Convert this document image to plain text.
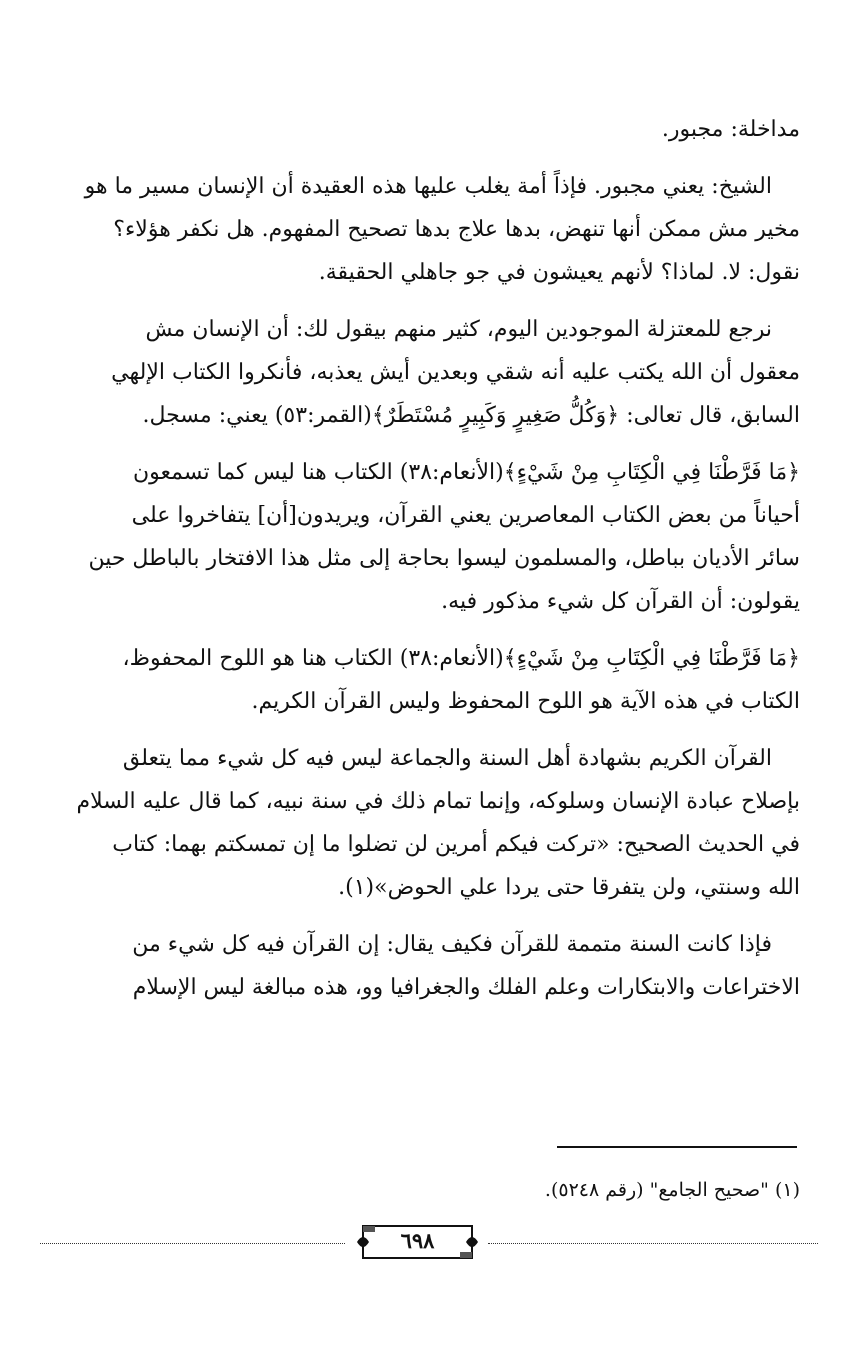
مداخلة: مجبور.
الشيخ: يعني مجبور. فإذاً أمة يغلب عليها هذه العقيدة أن الإنسان مسير ما هو
مخير مش ممكن أنها تنهض، بدها علاج بدها تصحيح المفهوم. هل نكفر هؤلاء؟
نقول: لا. لماذا؟ لأنهم يعيشون في جو جاهلي الحقيقة.
نرجع للمعتزلة الموجودين اليوم، كثير منهم بيقول لك: أن الإنسان مش
معقول أن الله يكتب عليه أنه شقي وبعدين أيش يعذبه، فأنكروا الكتاب الإلهي
السابق، قال تعالى: ﴿وَكُلُّ صَغِيرٍ وَكَبِيرٍ مُسْتَطَرٌ﴾(القمر:٥٣) يعني: مسجل.
﴿مَا فَرَّطْنَا فِي الْكِتَابِ مِنْ شَيْءٍ﴾(الأنعام:٣٨) الكتاب هنا ليس كما تسمعون
أحياناً من بعض الكتاب المعاصرين يعني القرآن، ويريدون[أن] يتفاخروا على
سائر الأديان بباطل، والمسلمون ليسوا بحاجة إلى مثل هذا الافتخار بالباطل حين
يقولون: أن القرآن كل شيء مذكور فيه.
﴿مَا فَرَّطْنَا فِي الْكِتَابِ مِنْ شَيْءٍ﴾(الأنعام:٣٨) الكتاب هنا هو اللوح المحفوظ،
الكتاب في هذه الآية هو اللوح المحفوظ وليس القرآن الكريم.
القرآن الكريم بشهادة أهل السنة والجماعة ليس فيه كل شيء مما يتعلق
بإصلاح عبادة الإنسان وسلوكه، وإنما تمام ذلك في سنة نبيه، كما قال عليه السلام
في الحديث الصحيح: «تركت فيكم أمرين لن تضلوا ما إن تمسكتم بهما: كتاب
الله وسنتي، ولن يتفرقا حتى يردا علي الحوض»(١).
فإذا كانت السنة متممة للقرآن فكيف يقال: إن القرآن فيه كل شيء من
الاختراعات والابتكارات وعلم الفلك والجغرافيا وو، هذه مبالغة ليس الإسلام
(١) "صحيح الجامع" (رقم ٥٢٤٨).
٦٩٨
